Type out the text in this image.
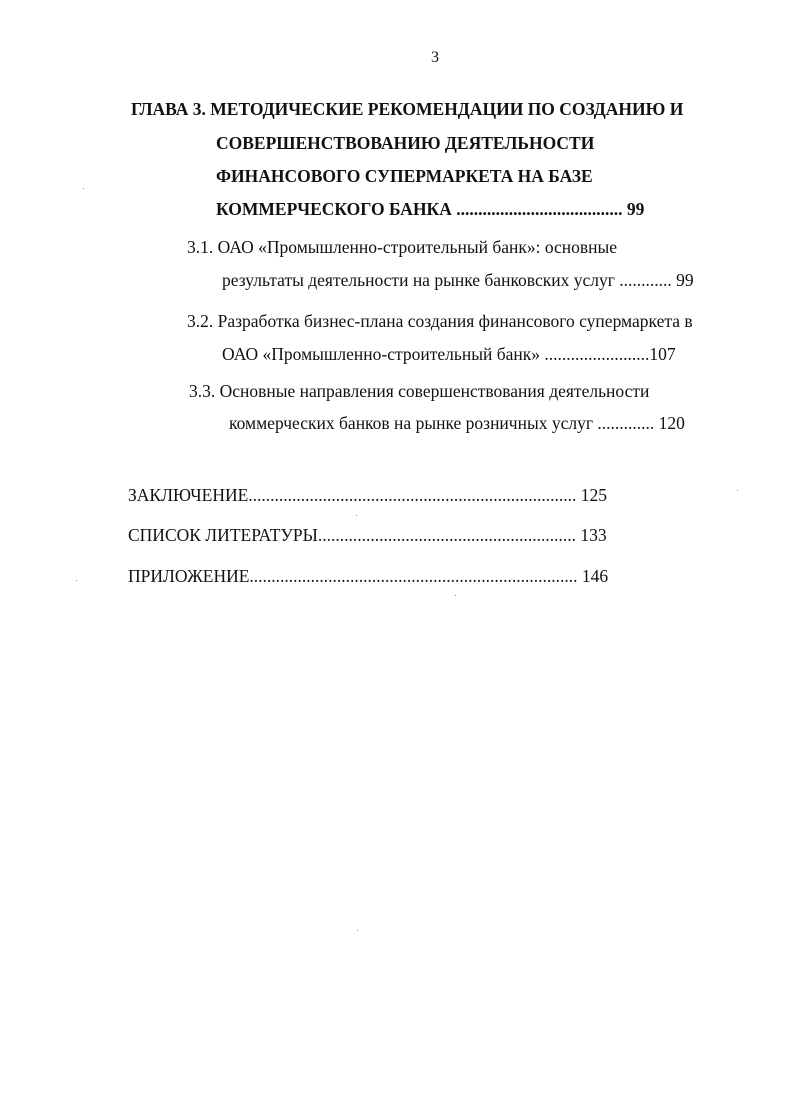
3
ГЛАВА 3. МЕТОДИЧЕСКИЕ РЕКОМЕНДАЦИИ ПО СОЗДАНИЮ И
СОВЕРШЕНСТВОВАНИЮ ДЕЯТЕЛЬНОСТИ
ФИНАНСОВОГО СУПЕРМАРКЕТА НА БАЗЕ
КОММЕРЧЕСКОГО БАНКА ...................................... 99
3.1. ОАО «Промышленно-строительный банк»: основные
результаты деятельности на рынке банковских услуг ............ 99
3.2. Разработка бизнес-плана создания финансового супермаркета в
ОАО «Промышленно-строительный банк» ........................107
3.3. Основные направления совершенствования деятельности
коммерческих банков на рынке розничных услуг ............. 120
ЗАКЛЮЧЕНИЕ........................................................................... 125
СПИСОК ЛИТЕРАТУРЫ........................................................... 133
ПРИЛОЖЕНИЕ........................................................................... 146
